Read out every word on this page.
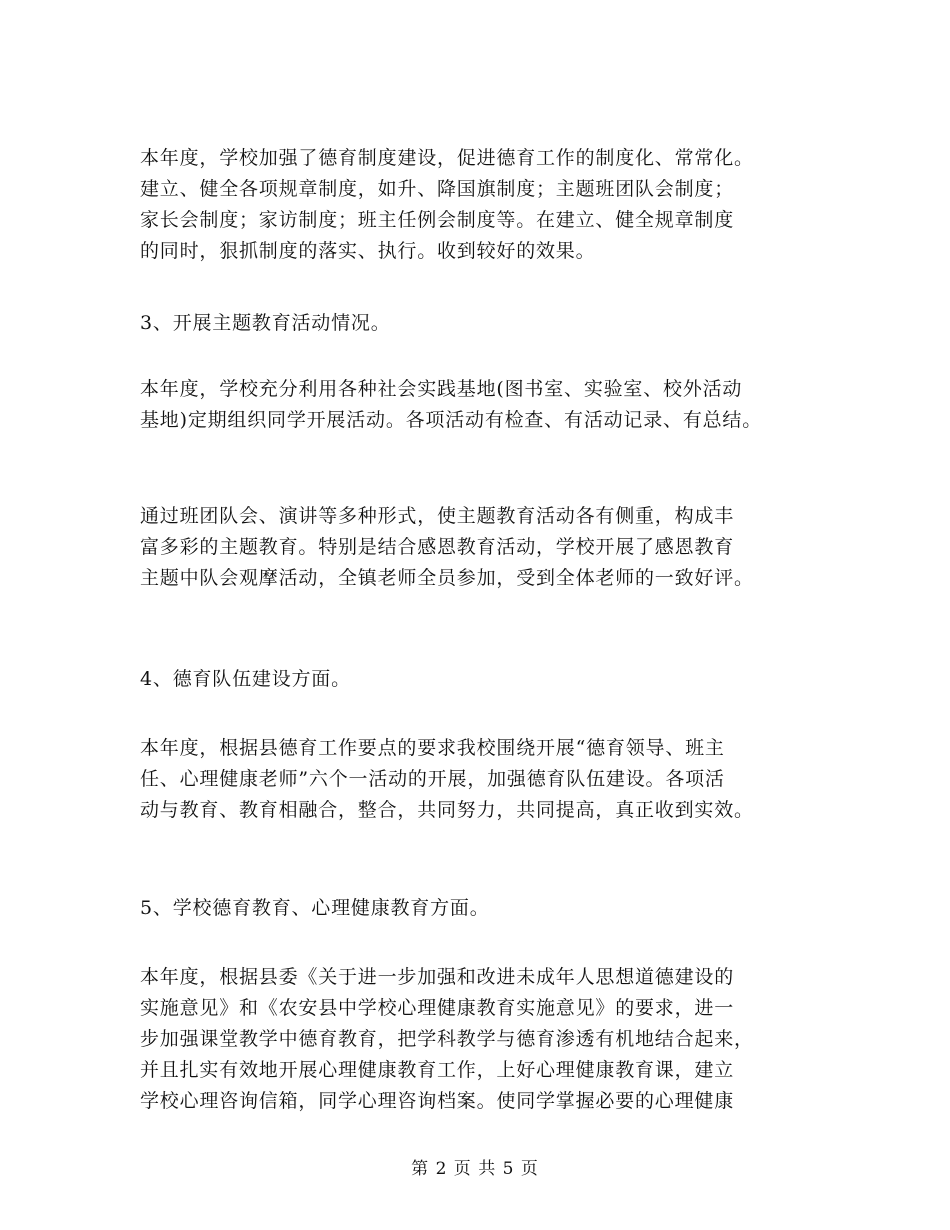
本年度，学校加强了德育制度建设，促进德育工作的制度化、常常化。
建立、健全各项规章制度，如升、降国旗制度；主题班团队会制度；
家长会制度；家访制度；班主任例会制度等。在建立、健全规章制度
的同时，狠抓制度的落实、执行。收到较好的效果。
3、开展主题教育活动情况。
本年度，学校充分利用各种社会实践基地(图书室、实验室、校外活动
基地)定期组织同学开展活动。各项活动有检查、有活动记录、有总结。
通过班团队会、演讲等多种形式，使主题教育活动各有侧重，构成丰
富多彩的主题教育。特别是结合感恩教育活动，学校开展了感恩教育
主题中队会观摩活动，全镇老师全员参加，受到全体老师的一致好评。
4、德育队伍建设方面。
本年度，根据县德育工作要点的要求我校围绕开展“德育领导、班主
任、心理健康老师”六个一活动的开展，加强德育队伍建设。各项活
动与教育、教育相融合，整合，共同努力，共同提高，真正收到实效。
5、学校德育教育、心理健康教育方面。
本年度，根据县委《关于进一步加强和改进未成年人思想道德建设的
实施意见》和《农安县中学校心理健康教育实施意见》的要求，进一
步加强课堂教学中德育教育，把学科教学与德育渗透有机地结合起来，
并且扎实有效地开展心理健康教育工作，上好心理健康教育课，建立
学校心理咨询信箱，同学心理咨询档案。使同学掌握必要的心理健康
第 2 页 共 5 页
